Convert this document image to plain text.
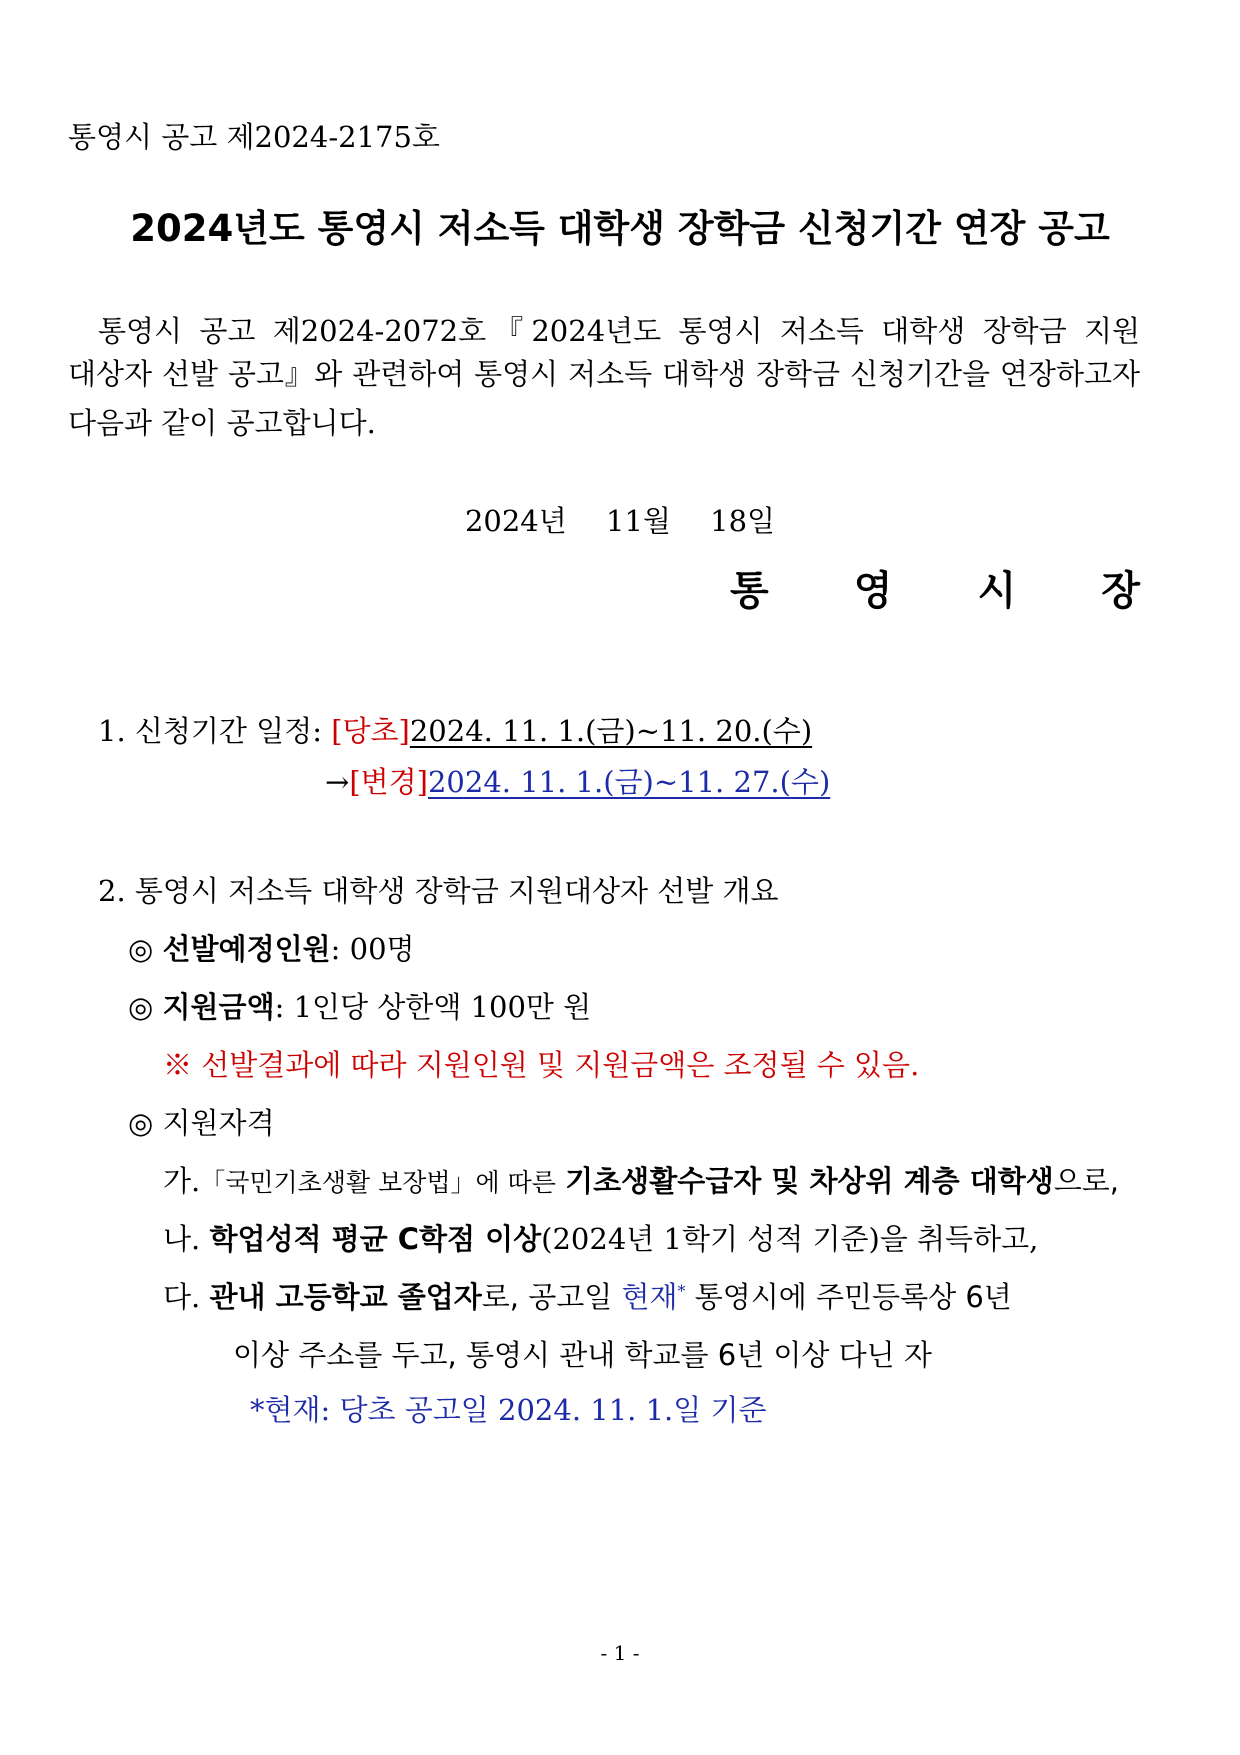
통영시 공고 제2024-2175호
2024년도 통영시 저소득 대학생 장학금 신청기간 연장 공고
통영시 공고 제2024-2072호『2024년도 통영시 저소득 대학생 장학금 지원
대상자 선발 공고』와 관련하여 통영시 저소득 대학생 장학금 신청기간을 연장하고자
다음과 같이 공고합니다.
2024년 11월 18일
통 영 시 장
1. 신청기간 일정: [당초]2024. 11. 1.(금)~11. 20.(수)
→[변경]2024. 11. 1.(금)~11. 27.(수)
2. 통영시 저소득 대학생 장학금 지원대상자 선발 개요
◎ 선발예정인원: 00명
◎ 지원금액: 1인당 상한액 100만 원
※ 선발결과에 따라 지원인원 및 지원금액은 조정될 수 있음.
◎ 지원자격
가.「국민기초생활 보장법」에 따른 기초생활수급자 및 차상위 계층 대학생으로,
나. 학업성적 평균 C학점 이상(2024년 1학기 성적 기준)을 취득하고,
다. 관내 고등학교 졸업자로, 공고일 현재* 통영시에 주민등록상 6년
이상 주소를 두고, 통영시 관내 학교를 6년 이상 다닌 자
*현재: 당초 공고일 2024. 11. 1.일 기준
- 1 -
